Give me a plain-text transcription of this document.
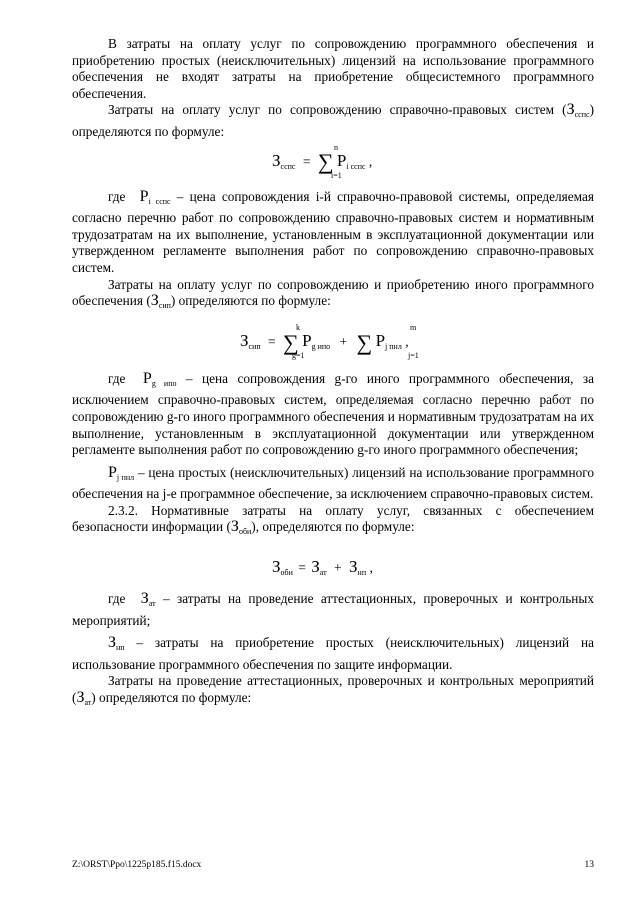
В затраты на оплату услуг по сопровождению программного обеспечения и приобретению простых (неисключительных) лицензий на использование программного обеспечения не входят затраты на приобретение общесистемного программного обеспечения.

Затраты на оплату услуг по сопровождению справочно-правовых систем $(З_{сспс})$ определяются по формуле:

$З_{сспс}$ = ∑ $P_{i сспс}$ ,
n
i=1

где $P_{i сспс}$ – цена сопровождения i-й справочно-правовой системы, определяемая согласно перечню работ по сопровождению справочно-правовых систем и нормативным трудозатратам на их выполнение, установленным в эксплуатационной документации или утвержденном регламенте выполнения работ по сопровождению справочно-правовых систем.

Затраты на оплату услуг по сопровождению и приобретению иного программного обеспечения $(З_{сип})$ определяются по формуле:

$З_{сип}$ = ∑ $P_{g ипо}$ + ∑ $P_{j пнл}$ ,
k
g=1
m
j=1

где $P_{g ипо}$ – цена сопровождения g-го иного программного обеспечения, за исключением справочно-правовых систем, определяемая согласно перечню работ по сопровождению g-го иного программного обеспечения и нормативным трудозатратам на их выполнение, установленным в эксплуатационной документации или утвержденном регламенте выполнения работ по сопровождению g-го иного программного обеспечения;

$P_{j пнл}$ – цена простых (неисключительных) лицензий на использование программного обеспечения на j-е программное обеспечение, за исключением справочно-правовых систем.

2.3.2. Нормативные затраты на оплату услуг, связанных с обеспечением безопасности информации $(З_{оби})$, определяются по формуле:

$З_{оби} = З_{ат} + З_{нп}$ ,

где $З_{ат}$ – затраты на проведение аттестационных, проверочных и контрольных мероприятий;

$З_{нп}$ – затраты на приобретение простых (неисключительных) лицензий на использование программного обеспечения по защите информации.

Затраты на проведение аттестационных, проверочных и контрольных мероприятий $(З_{ат})$ определяются по формуле:

Z:\ORST\Ppo\1225p185.f15.docx	13
